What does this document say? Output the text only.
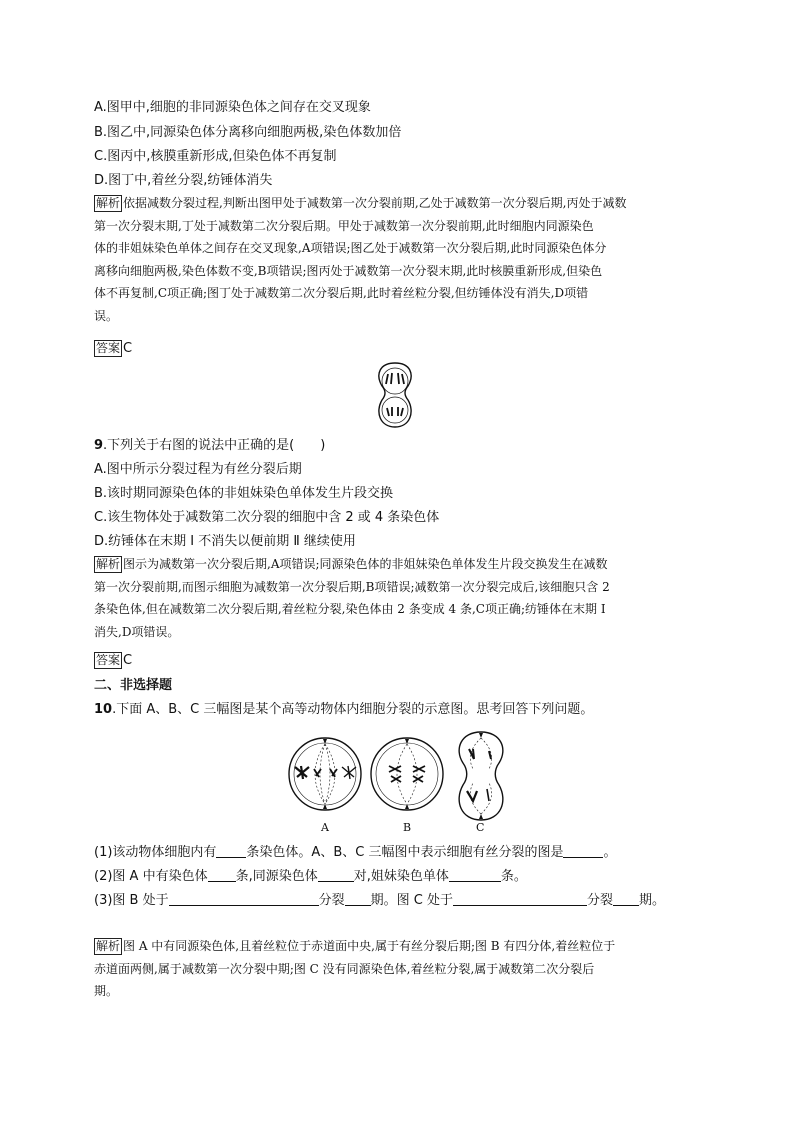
A.图甲中,细胞的非同源染色体之间存在交叉现象
B.图乙中,同源染色体分离移向细胞两极,染色体数加倍
C.图丙中,核膜重新形成,但染色体不再复制
D.图丁中,着丝分裂,纺锤体消失
解析 依据减数分裂过程,判断出图甲处于减数第一次分裂前期,乙处于减数第一次分裂后期,丙处于减数
第一次分裂末期,丁处于减数第二次分裂后期。甲处于减数第一次分裂前期,此时细胞内同源染色
体的非姐妹染色单体之间存在交叉现象,A项错误;图乙处于减数第一次分裂后期,此时同源染色体分
离移向细胞两极,染色体数不变,B项错误;图丙处于减数第一次分裂末期,此时核膜重新形成,但染色
体不再复制,C项正确;图丁处于减数第二次分裂后期,此时着丝粒分裂,但纺锤体没有消失,D项错
误。
答案 C
9.下列关于右图的说法中正确的是(　　)
A.图中所示分裂过程为有丝分裂后期
B.该时期同源染色体的非姐妹染色单体发生片段交换
C.该生物体处于减数第二次分裂的细胞中含 2 或 4 条染色体
D.纺锤体在末期 Ⅰ 不消失以便前期 Ⅱ 继续使用
解析 图示为减数第一次分裂后期,A项错误;同源染色体的非姐妹染色单体发生片段交换发生在减数
第一次分裂前期,而图示细胞为减数第一次分裂后期,B项错误;减数第一次分裂完成后,该细胞只含 2
条染色体,但在减数第二次分裂后期,着丝粒分裂,染色体由 2 条变成 4 条,C项正确;纺锤体在末期 Ⅰ
消失,D项错误。
答案 C
二、非选择题
10.下面 A、B、C 三幅图是某个高等动物体内细胞分裂的示意图。思考回答下列问题。
A	B	C
(1)该动物体细胞内有 条染色体。A、B、C 三幅图中表示细胞有丝分裂的图是	。
(2)图 A 中有染色体 条,同源染色体	对,姐妹染色单体	条。
(3)图 B 处于	分裂 期。图 C 处于	分裂 期。
解析 图 A 中有同源染色体,且着丝粒位于赤道面中央,属于有丝分裂后期;图 B 有四分体,着丝粒位于
赤道面两侧,属于减数第一次分裂中期;图 C 没有同源染色体,着丝粒分裂,属于减数第二次分裂后
期。
